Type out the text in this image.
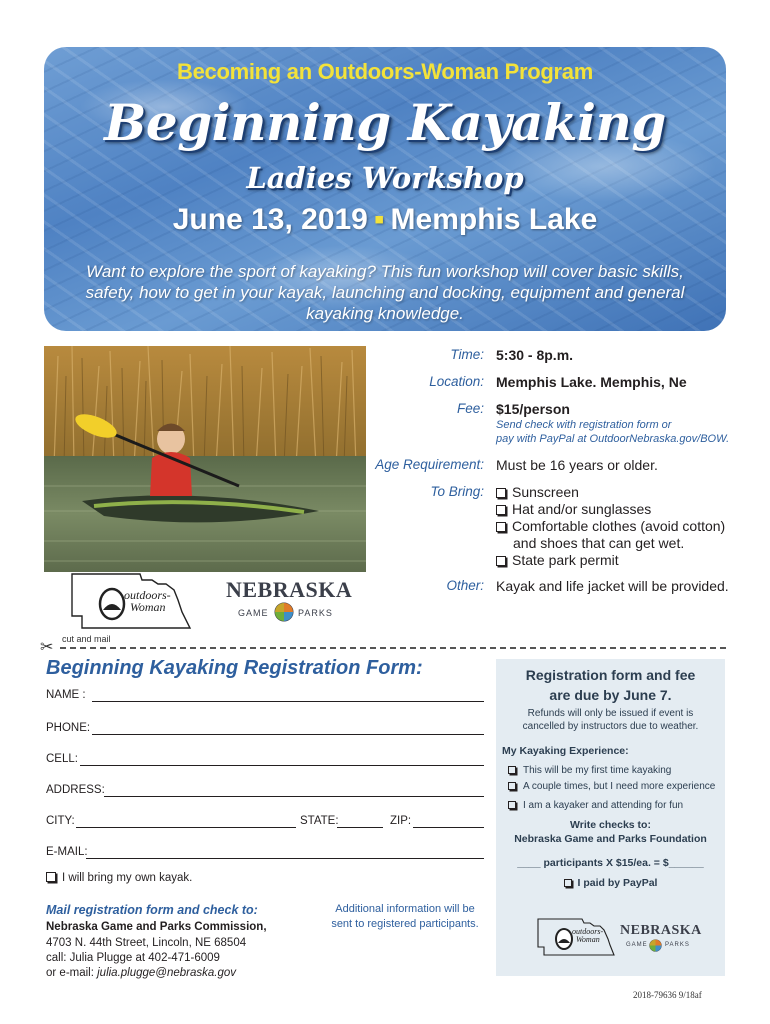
Becoming an Outdoors-Woman Program
Beginning Kayaking
Ladies Workshop
June 13, 2019 ▪ Memphis Lake
Want to explore the sport of kayaking? This fun workshop will cover basic skills, safety, how to get in your kayak, launching and docking, equipment and general kayaking knowledge.
Time: 5:30 - 8p.m.
Location: Memphis Lake. Memphis, Ne
Fee: $15/person
Send check with registration form or
pay with PayPal at OutdoorNebraska.gov/BOW.
Age Requirement: Must be 16 years or older.
To Bring:	Sunscreen
Hat and/or sunglasses
Comfortable clothes (avoid cotton)
and shoes that can get wet.
State park permit
Other: Kayak and life jacket will be provided.
outdoors-
Woman
NEBRASKA
GAME	PARKS
✂ cut and mail
Beginning Kayaking Registration Form:
NAME :
PHONE:
CELL:
ADDRESS:
CITY:	STATE:	ZIP:
E-MAIL:
I will bring my own kayak.
Mail registration form and check to:
Nebraska Game and Parks Commission,
4703 N. 44th Street, Lincoln, NE 68504
call: Julia Plugge at 402-471-6009
or e-mail: julia.plugge@nebraska.gov
Additional information will be sent to registered participants.
Registration form and fee
are due by June 7.
Refunds will only be issued if event is
cancelled by instructors due to weather.
My Kayaking Experience:
This will be my first time kayaking
A couple times, but I need more experience
I am a kayaker and attending for fun
Write checks to:
Nebraska Game and Parks Foundation
____ participants X $15/ea. = $______
I paid by PayPal
outdoors-
Woman
NEBRASKA
GAME	PARKS
2018-79636 9/18af
